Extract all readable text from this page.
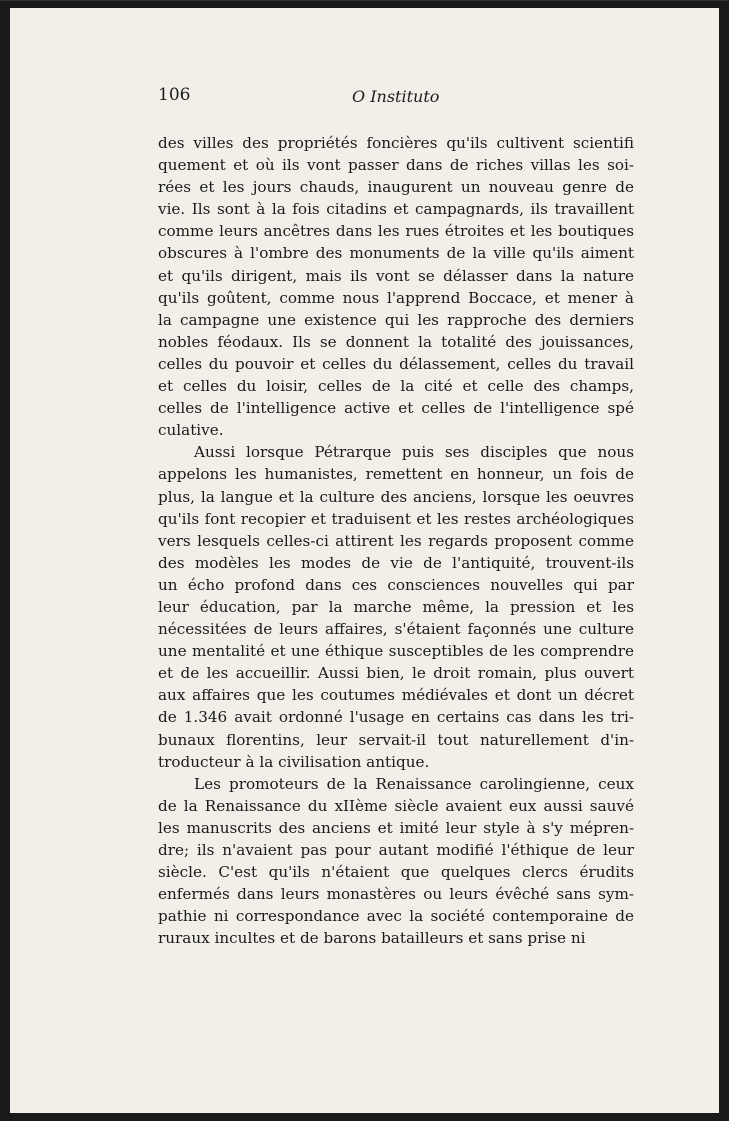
106	O Instituto
des villes des propriétés foncières qu'ils cultivent scientifi
quement et où ils vont passer dans de riches villas les soi-
rées et les jours chauds, inaugurent un nouveau genre de
vie. Ils sont à la fois citadins et campagnards, ils travaillent
comme leurs ancêtres dans les rues étroites et les boutiques
obscures à l'ombre des monuments de la ville qu'ils aiment
et qu'ils dirigent, mais ils vont se délasser dans la nature
qu'ils goûtent, comme nous l'apprend Boccace, et mener à
la campagne une existence qui les rapproche des derniers
nobles féodaux. Ils se donnent la totalité des jouissances,
celles du pouvoir et celles du délassement, celles du travail
et celles du loisir, celles de la cité et celle des champs,
celles de l'intelligence active et celles de l'intelligence spé
culative.
Aussi lorsque Pétrarque puis ses disciples que nous
appelons les humanistes, remettent en honneur, un fois de
plus, la langue et la culture des anciens, lorsque les oeuvres
qu'ils font recopier et traduisent et les restes archéologiques
vers lesquels celles-ci attirent les regards proposent comme
des modèles les modes de vie de l'antiquité, trouvent-ils
un écho profond dans ces consciences nouvelles qui par
leur éducation, par la marche même, la pression et les
nécessitées de leurs affaires, s'étaient façonnés une culture
une mentalité et une éthique susceptibles de les comprendre
et de les accueillir. Aussi bien, le droit romain, plus ouvert
aux affaires que les coutumes médiévales et dont un décret
de 1.346 avait ordonné l'usage en certains cas dans les tri-
bunaux florentins, leur servait-il tout naturellement d'in-
troducteur à la civilisation antique.
Les promoteurs de la Renaissance carolingienne, ceux
de la Renaissance du xIIème siècle avaient eux aussi sauvé
les manuscrits des anciens et imité leur style à s'y mépren-
dre; ils n'avaient pas pour autant modifié l'éthique de leur
siècle. C'est qu'ils n'étaient que quelques clercs érudits
enfermés dans leurs monastères ou leurs évêché sans sym-
pathie ni correspondance avec la société contemporaine de
ruraux incultes et de barons batailleurs et sans prise ni
